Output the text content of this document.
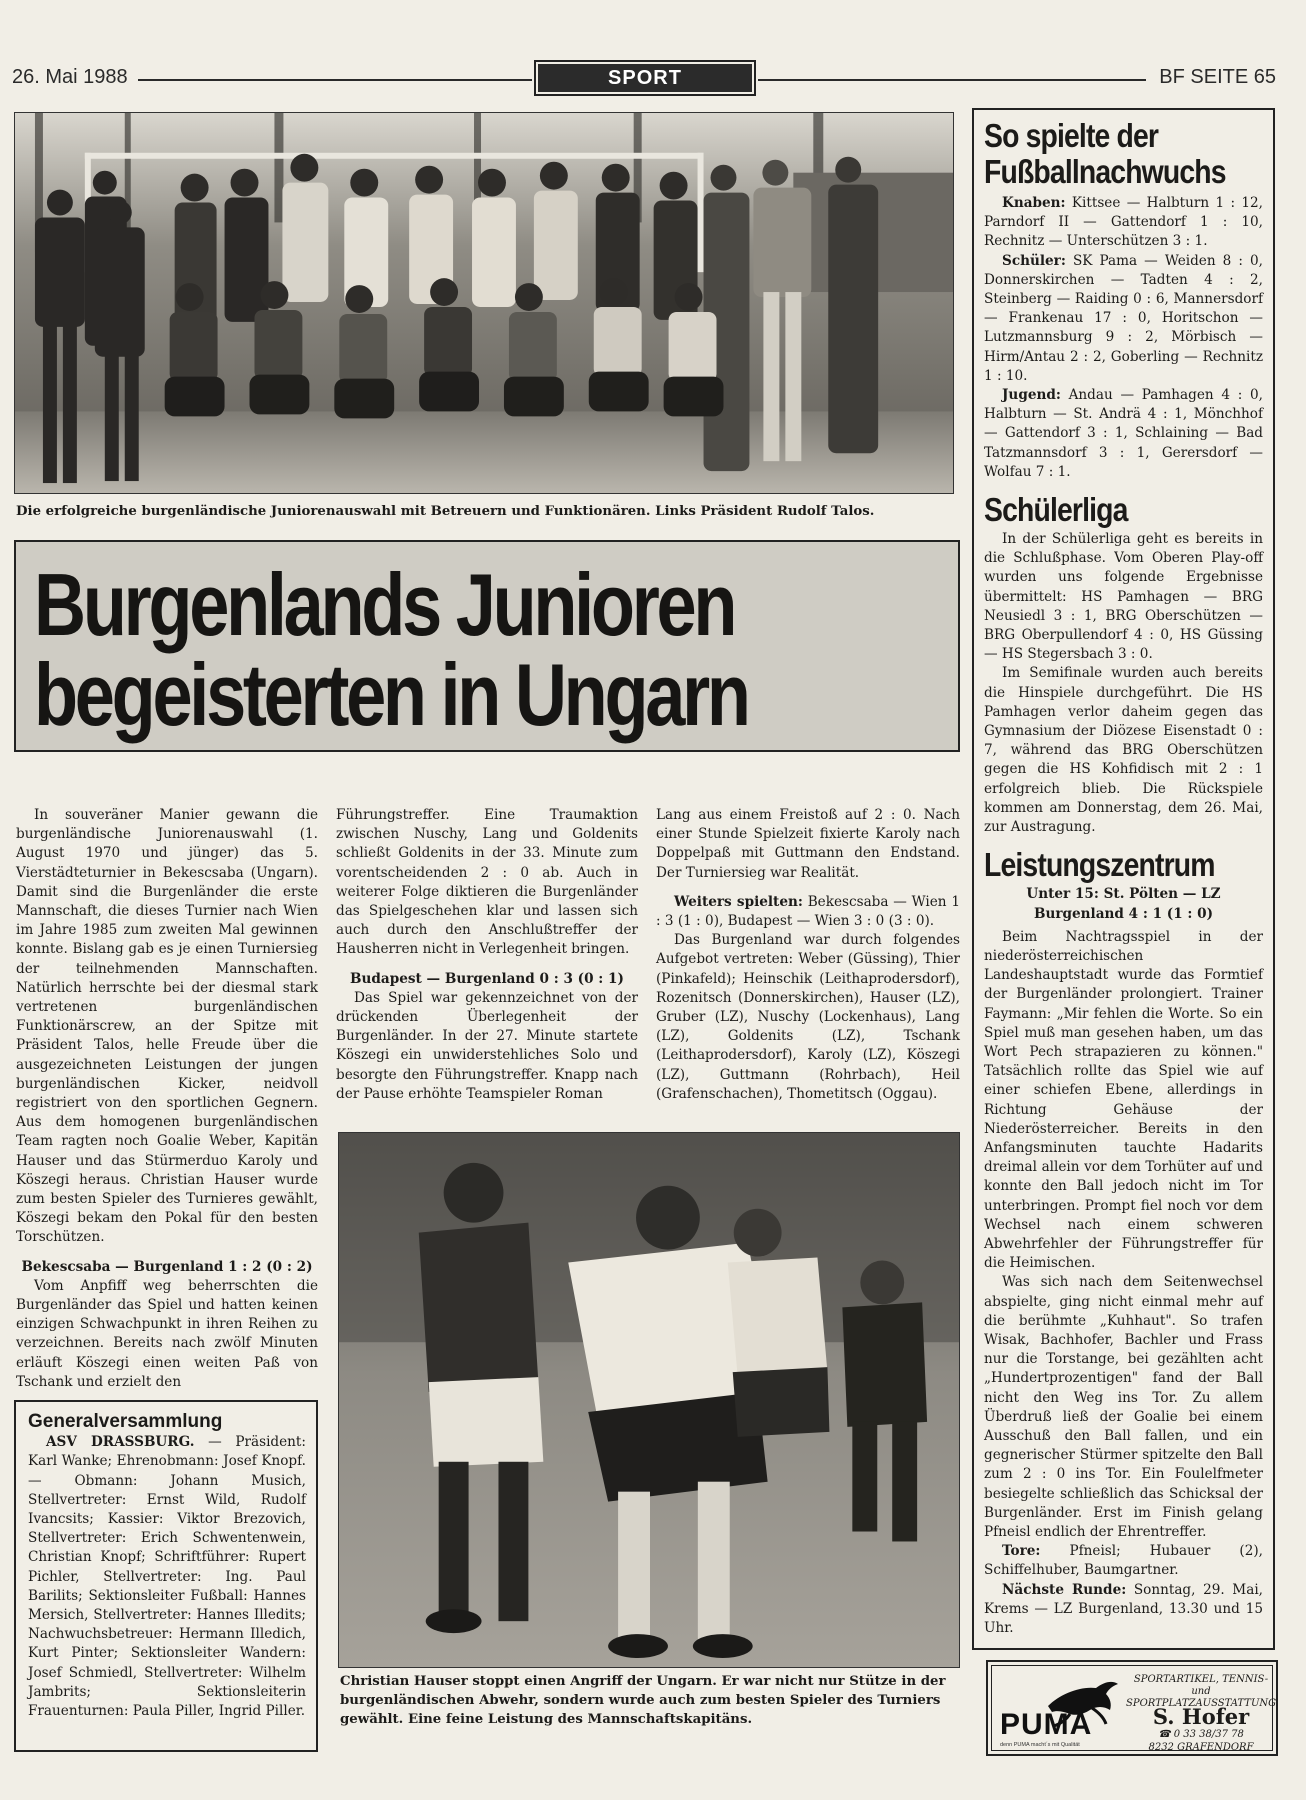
26. Mai 1988	SPORT	BF SEITE 65
Die erfolgreiche burgenländische Juniorenauswahl mit Betreuern und Funktionären. Links Präsident Rudolf Talos.
Burgenlands Junioren
begeisterten in Ungarn

In souveräner Manier gewann die burgenländische Juniorenauswahl (1. August 1970 und jünger) das 5. Vierstädteturnier in Bekescsaba (Ungarn). Damit sind die Burgenländer die erste Mannschaft, die dieses Turnier nach Wien im Jahre 1985 zum zweiten Mal gewinnen konnte. Bislang gab es je einen Turniersieg der teilnehmenden Mannschaften. Natürlich herrschte bei der diesmal stark vertretenen burgenländischen Funktionärscrew, an der Spitze mit Präsident Talos, helle Freude über die ausgezeichneten Leistungen der jungen burgenländischen Kicker, neidvoll registriert von den sportlichen Gegnern. Aus dem homogenen burgenländischen Team ragten noch Goalie Weber, Kapitän Hauser und das Stürmerduo Karoly und Köszegi heraus. Christian Hauser wurde zum besten Spieler des Turnieres gewählt, Köszegi bekam den Pokal für den besten Torschützen.

Bekescsaba — Burgenland 1 : 2 (0 : 2)

Vom Anpfiff weg beherrschten die Burgenländer das Spiel und hatten keinen einzigen Schwachpunkt in ihren Reihen zu verzeichnen. Bereits nach zwölf Minuten erläuft Köszegi einen weiten Paß von Tschank und erzielt den

Führungstreffer. Eine Traumaktion zwischen Nuschy, Lang und Goldenits schließt Goldenits in der 33. Minute zum vorentscheidenden 2 : 0 ab. Auch in weiterer Folge diktieren die Burgenländer das Spielgeschehen klar und lassen sich auch durch den Anschlußtreffer der Hausherren nicht in Verlegenheit bringen.

Budapest — Burgenland 0 : 3 (0 : 1)

Das Spiel war gekennzeichnet von der drückenden Überlegenheit der Burgenländer. In der 27. Minute startete Köszegi ein unwiderstehliches Solo und besorgte den Führungstreffer. Knapp nach der Pause erhöhte Teamspieler Roman

Lang aus einem Freistoß auf 2 : 0. Nach einer Stunde Spielzeit fixierte Karoly nach Doppelpaß mit Guttmann den Endstand. Der Turniersieg war Realität.

Weiters spielten: Bekescsaba — Wien 1 : 3 (1 : 0), Budapest — Wien 3 : 0 (3 : 0).

Das Burgenland war durch folgendes Aufgebot vertreten: Weber (Güssing), Thier (Pinkafeld); Heinschik (Leithaprodersdorf), Rozenitsch (Donnerskirchen), Hauser (LZ), Gruber (LZ), Nuschy (Lockenhaus), Lang (LZ), Goldenits (LZ), Tschank (Leithaprodersdorf), Karoly (LZ), Köszegi (LZ), Guttmann (Rohrbach), Heil (Grafenschachen), Thometitsch (Oggau).

Christian Hauser stoppt einen Angriff der Ungarn. Er war nicht nur Stütze in der burgenländischen Abwehr, sondern wurde auch zum besten Spieler des Turniers gewählt. Eine feine Leistung des Mannschaftskapitäns.
Generalversammlung

ASV DRASSBURG. — Präsident: Karl Wanke; Ehrenobmann: Josef Knopf. — Obmann: Johann Musich, Stellvertreter: Ernst Wild, Rudolf Ivancsits; Kassier: Viktor Brezovich, Stellvertreter: Erich Schwentenwein, Christian Knopf; Schriftführer: Rupert Pichler, Stellvertreter: Ing. Paul Barilits; Sektionsleiter Fußball: Hannes Mersich, Stellvertreter: Hannes Illedits; Nachwuchsbetreuer: Hermann Illedich, Kurt Pinter; Sektionsleiter Wandern: Josef Schmiedl, Stellvertreter: Wilhelm Jambrits; Sektionsleiterin Frauenturnen: Paula Piller, Ingrid Piller.

So spielte der
Fußballnachwuchs

Knaben: Kittsee — Halbturn 1 : 12, Parndorf II — Gattendorf 1 : 10, Rechnitz — Unterschützen 3 : 1.

Schüler: SK Pama — Weiden 8 : 0, Donnerskirchen — Tadten 4 : 2, Steinberg — Raiding 0 : 6, Mannersdorf — Frankenau 17 : 0, Horitschon — Lutzmannsburg 9 : 2, Mörbisch — Hirm/Antau 2 : 2, Goberling — Rechnitz 1 : 10.

Jugend: Andau — Pamhagen 4 : 0, Halbturn — St. Andrä 4 : 1, Mönchhof — Gattendorf 3 : 1, Schlaining — Bad Tatzmannsdorf 3 : 1, Gerersdorf — Wolfau 7 : 1.

Schülerliga

In der Schülerliga geht es bereits in die Schlußphase. Vom Oberen Play-off wurden uns folgende Ergebnisse übermittelt: HS Pamhagen — BRG Neusiedl 3 : 1, BRG Oberschützen — BRG Oberpullendorf 4 : 0, HS Güssing — HS Stegersbach 3 : 0.

Im Semifinale wurden auch bereits die Hinspiele durchgeführt. Die HS Pamhagen verlor daheim gegen das Gymnasium der Diözese Eisenstadt 0 : 7, während das BRG Oberschützen gegen die HS Kohfidisch mit 2 : 1 erfolgreich blieb. Die Rückspiele kommen am Donnerstag, dem 26. Mai, zur Austragung.

Leistungszentrum
Unter 15: St. Pölten — LZ Burgenland 4 : 1 (1 : 0)

Beim Nachtragsspiel in der niederösterreichischen Landeshauptstadt wurde das Formtief der Burgenländer prolongiert. Trainer Faymann: „Mir fehlen die Worte. So ein Spiel muß man gesehen haben, um das Wort Pech strapazieren zu können." Tatsächlich rollte das Spiel wie auf einer schiefen Ebene, allerdings in Richtung Gehäuse der Niederösterreicher. Bereits in den Anfangsminuten tauchte Hadarits dreimal allein vor dem Torhüter auf und konnte den Ball jedoch nicht im Tor unterbringen. Prompt fiel noch vor dem Wechsel nach einem schweren Abwehrfehler der Führungstreffer für die Heimischen.

Was sich nach dem Seitenwechsel abspielte, ging nicht einmal mehr auf die berühmte „Kuhhaut". So trafen Wisak, Bachhofer, Bachler und Frass nur die Torstange, bei gezählten acht „Hundertprozentigen" fand der Ball nicht den Weg ins Tor. Zu allem Überdruß ließ der Goalie bei einem Ausschuß den Ball fallen, und ein gegnerischer Stürmer spitzelte den Ball zum 2 : 0 ins Tor. Ein Foulelfmeter besiegelte schließlich das Schicksal der Burgenländer. Erst im Finish gelang Pfneisl endlich der Ehrentreffer.

Tore: Pfneisl; Hubauer (2), Schiffelhuber, Baumgartner.

Nächste Runde: Sonntag, 29. Mai, Krems — LZ Burgenland, 13.30 und 15 Uhr.

PUMA
denn PUMA macht´s mit Qualität
SPORTARTIKEL, TENNIS- und SPORTPLATZAUSSTATTUNG
S. Hofer
☎ 0 33 38/37 78
8232 GRAFENDORF
